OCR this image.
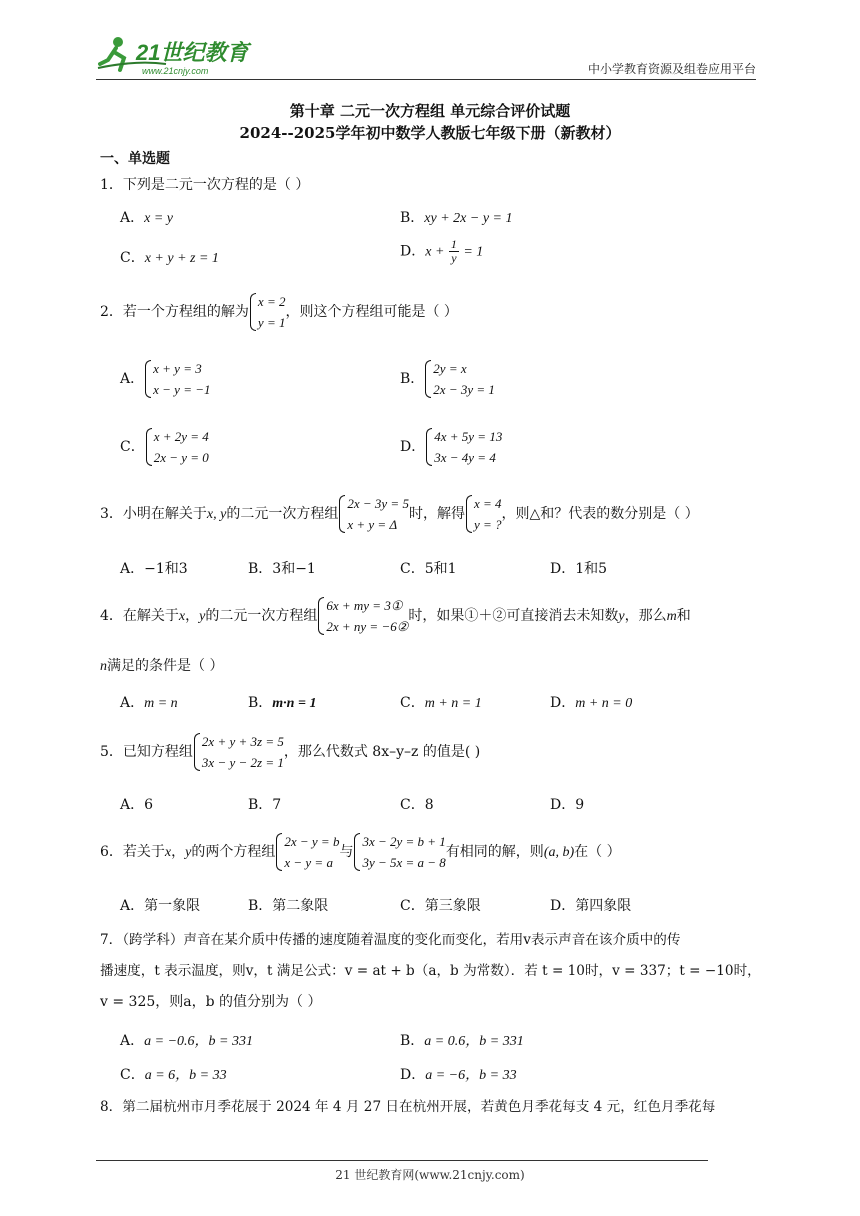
21世纪教育
www.21cnjy.com	中小学教育资源及组卷应用平台
第十章 二元一次方程组 单元综合评价试题
2024--2025学年初中数学人教版七年级下册（新教材）
一、单选题
1．下列是二元一次方程的是（ ）
A．x = y	B．xy + 2x − y = 1
C．x + y + z = 1	D．$x + \frac{1}{y} = 1$
2．若一个方程组的解为
x = 2
y = 1
，则这个方程组可能是（ ）
A．
x + y = 3
x − y = −1
B．
2y = x
2x − 3y = 1
C．
x + 2y = 4
2x − y = 0
D．
4x + 5y = 13
3x − 4y = 4
3．小明在解关于x, y的二元一次方程组
2x − 3y = 5
x + y = Δ
时，解得
x = 4
y = ?
，则△和？代表的数分别是（ ）
A．−1和3	B．3和−1	C．5和1	D．1和5
4．在解关于x，y的二元一次方程组
6x + my = 3①
2x + ny = −6②
时，如果①＋②可直接消去未知数y，那么m和
n满足的条件是（ ）
A．m = n	B．m·n = 1	C．m + n = 1	D．m + n = 0
5．已知方程组
2x + y + 3z = 5
3x − y − 2z = 1
，那么代数式 8x–y–z 的值是( )
A．6	B．7	C．8	D．9
6．若关于x，y的两个方程组
2x − y = b
x − y = a
与
3x − 2y = b + 1
3y − 5x = a − 8
有相同的解，则(a, b)在（ ）
A．第一象限	B．第二象限	C．第三象限	D．第四象限
7．（跨学科）声音在某介质中传播的速度随着温度的变化而变化，若用v表示声音在该介质中的传
播速度，t 表示温度，则v，t 满足公式：v = at + b（a，b 为常数）．若 t = 10时，v = 337；t = −10时，
v = 325，则a，b 的值分别为（ ）
A．a = −0.6，b = 331	B．a = 0.6，b = 331
C．a = 6，b = 33	D．a = −6，b = 33
8．第二届杭州市月季花展于 2024 年 4 月 27 日在杭州开展，若黄色月季花每支 4 元，红色月季花每
21 世纪教育网(www.21cnjy.com)
